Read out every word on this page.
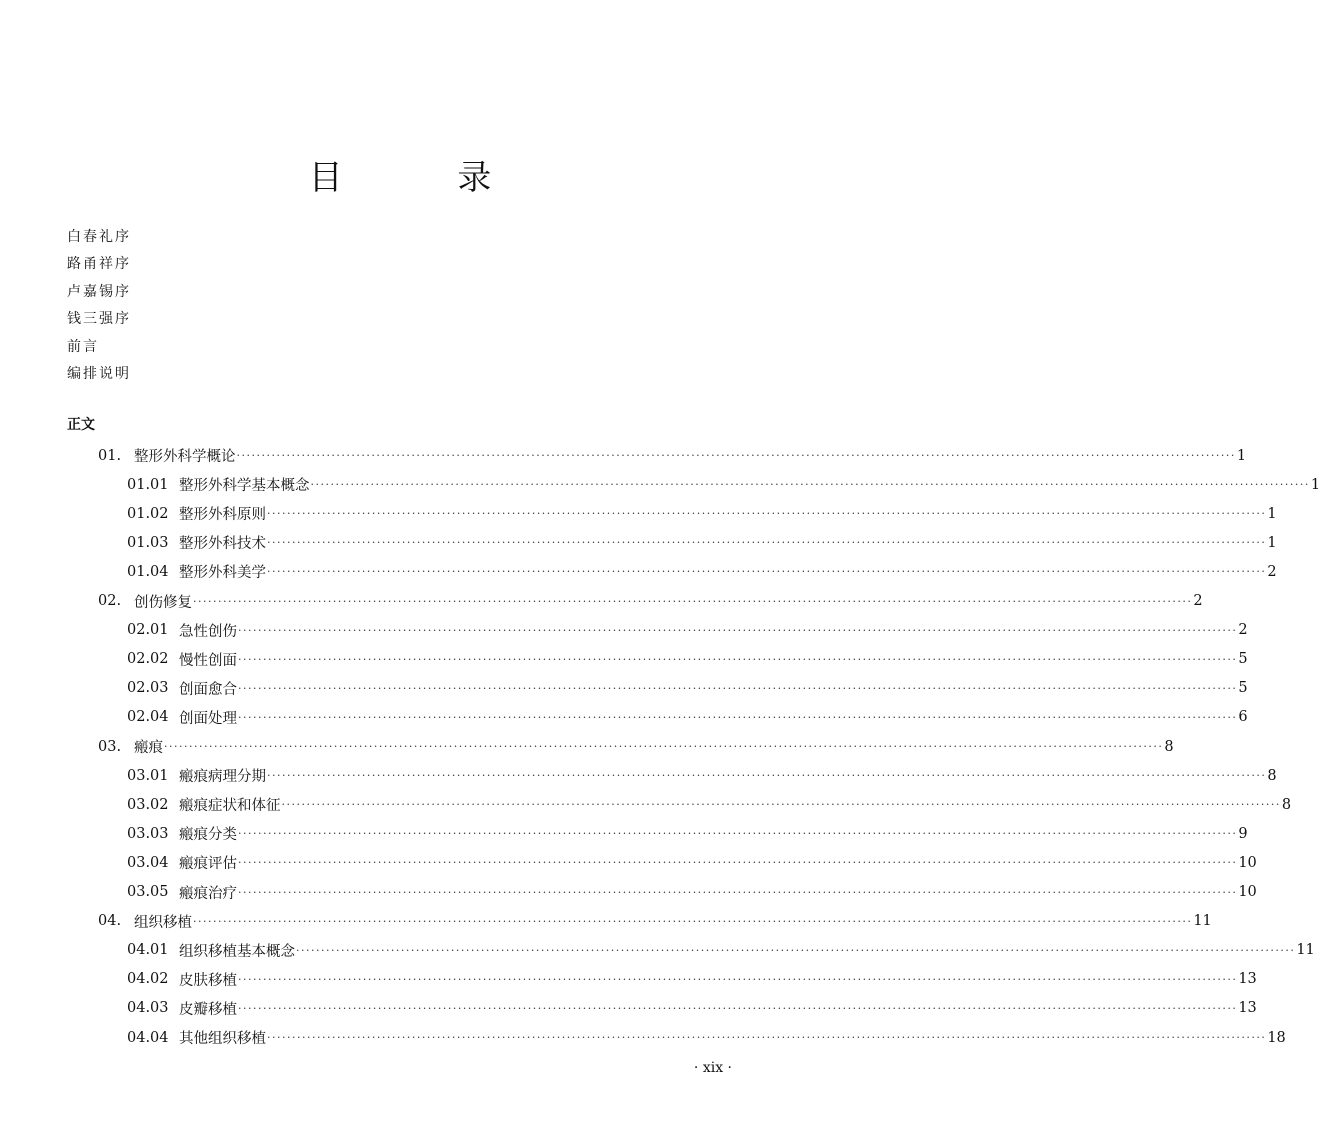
目 录
白春礼序
路甬祥序
卢嘉锡序
钱三强序
前言
编排说明
正文
01. 整形外科学概论 ········································································································································································································ 1
01.01 整形外科学基本概念 ········································································································································································································ 1
01.02 整形外科原则 ········································································································································································································ 1
01.03 整形外科技术 ········································································································································································································ 1
01.04 整形外科美学 ········································································································································································································ 2
02. 创伤修复 ········································································································································································································ 2
02.01 急性创伤 ········································································································································································································ 2
02.02 慢性创面 ········································································································································································································ 5
02.03 创面愈合 ········································································································································································································ 5
02.04 创面处理 ········································································································································································································ 6
03. 瘢痕 ········································································································································································································ 8
03.01 瘢痕病理分期 ········································································································································································································ 8
03.02 瘢痕症状和体征 ········································································································································································································ 8
03.03 瘢痕分类 ········································································································································································································ 9
03.04 瘢痕评估 ········································································································································································································ 10
03.05 瘢痕治疗 ········································································································································································································ 10
04. 组织移植 ········································································································································································································ 11
04.01 组织移植基本概念 ········································································································································································································ 11
04.02 皮肤移植 ········································································································································································································ 13
04.03 皮瓣移植 ········································································································································································································ 13
04.04 其他组织移植 ········································································································································································································ 18
· xix ·
